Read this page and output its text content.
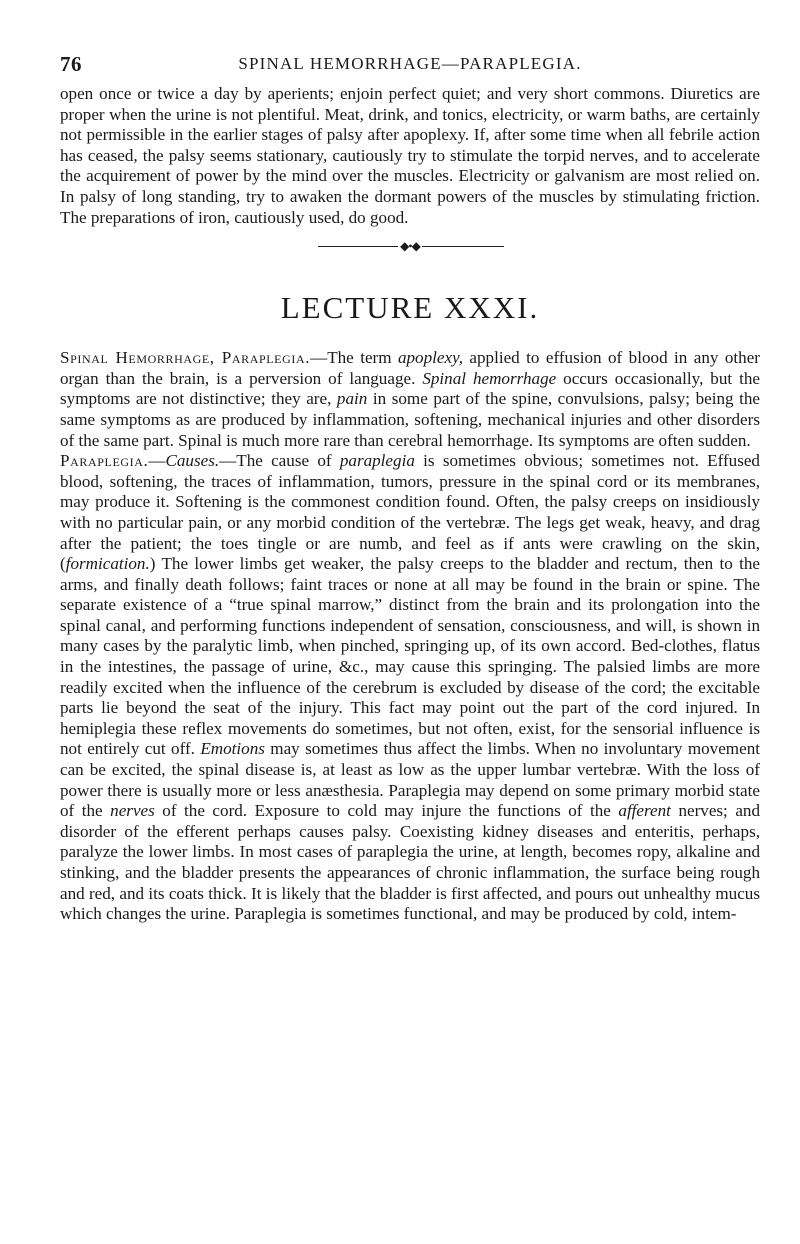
76	SPINAL HEMORRHAGE—PARAPLEGIA.

open once or twice a day by aperients; enjoin perfect quiet; and very short commons. Diuretics are proper when the urine is not plentiful. Meat, drink, and tonics, electricity, or warm baths, are certainly not permissible in the earlier stages of palsy after apoplexy. If, after some time when all febrile action has ceased, the palsy seems stationary, cautiously try to stimulate the torpid nerves, and to accelerate the acquirement of power by the mind over the muscles. Electricity or galvanism are most relied on. In palsy of long standing, try to awaken the dormant powers of the muscles by stimulating friction. The preparations of iron, cautiously used, do good.

◆•◆
LECTURE XXXI.

Spinal Hemorrhage, Paraplegia.—The term apoplexy, applied to effusion of blood in any other organ than the brain, is a perversion of language. Spinal hemorrhage occurs occasionally, but the symptoms are not distinctive; they are, pain in some part of the spine, convulsions, palsy; being the same symptoms as are produced by inflammation, softening, mechanical injuries and other disorders of the same part. Spinal is much more rare than cerebral hemorrhage. Its symptoms are often sudden.

Paraplegia.—Causes.—The cause of paraplegia is sometimes obvious; sometimes not. Effused blood, softening, the traces of inflammation, tumors, pressure in the spinal cord or its membranes, may produce it. Softening is the commonest condition found. Often, the palsy creeps on insidiously with no particular pain, or any morbid condition of the vertebræ. The legs get weak, heavy, and drag after the patient; the toes tingle or are numb, and feel as if ants were crawling on the skin, (formication.) The lower limbs get weaker, the palsy creeps to the bladder and rectum, then to the arms, and finally death follows; faint traces or none at all may be found in the brain or spine. The separate existence of a “true spinal marrow,” distinct from the brain and its prolongation into the spinal canal, and performing functions independent of sensation, consciousness, and will, is shown in many cases by the paralytic limb, when pinched, springing up, of its own accord. Bed-clothes, flatus in the intestines, the passage of urine, &c., may cause this springing. The palsied limbs are more readily excited when the influence of the cerebrum is excluded by disease of the cord; the excitable parts lie beyond the seat of the injury. This fact may point out the part of the cord injured. In hemiplegia these reflex movements do sometimes, but not often, exist, for the sensorial influence is not entirely cut off. Emotions may sometimes thus affect the limbs. When no involuntary movement can be excited, the spinal disease is, at least as low as the upper lumbar vertebræ. With the loss of power there is usually more or less anæsthesia. Paraplegia may depend on some primary morbid state of the nerves of the cord. Exposure to cold may injure the functions of the afferent nerves; and disorder of the efferent perhaps causes palsy. Coexisting kidney diseases and enteritis, perhaps, paralyze the lower limbs. In most cases of paraplegia the urine, at length, becomes ropy, alkaline and stinking, and the bladder presents the appearances of chronic inflammation, the surface being rough and red, and its coats thick. It is likely that the bladder is first affected, and pours out unhealthy mucus which changes the urine. Paraplegia is sometimes functional, and may be produced by cold, intem-
